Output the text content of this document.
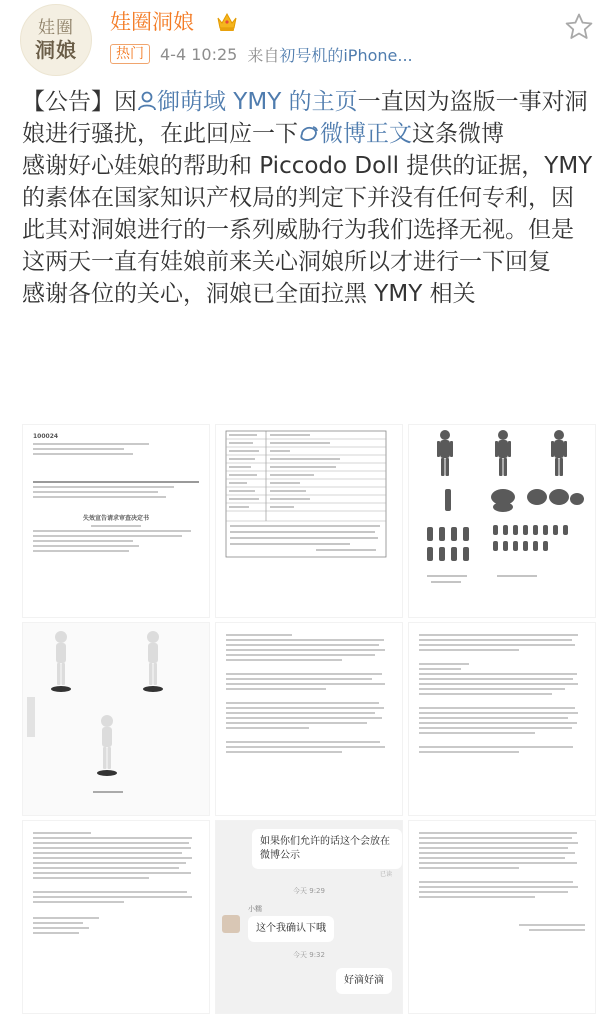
娃圈
洞娘
娃圈洞娘
热门	4-4 10:25 来自 初号机的iPhone...

【公告】因 御萌域 YMY 的主页一直因为盗版一事对洞娘进行骚扰，在此回应一下 微博正文这条微博

感谢好心娃娘的帮助和 Piccodo Doll 提供的证据，YMY 的素体在国家知识产权局的判定下并没有任何专利，因此其对洞娘进行的一系列威胁行为我们选择无视。但是这两天一直有娃娘前来关心洞娘所以才进行一下回复

感谢各位的关心，洞娘已全面拉黑 YMY 相关

100024
失效宣告请求审查决定书
如果你们允许的话这个会放在微博公示
已读
今天 9:29
小糯
这个我确认下哦
今天 9:32
好滴好滴
